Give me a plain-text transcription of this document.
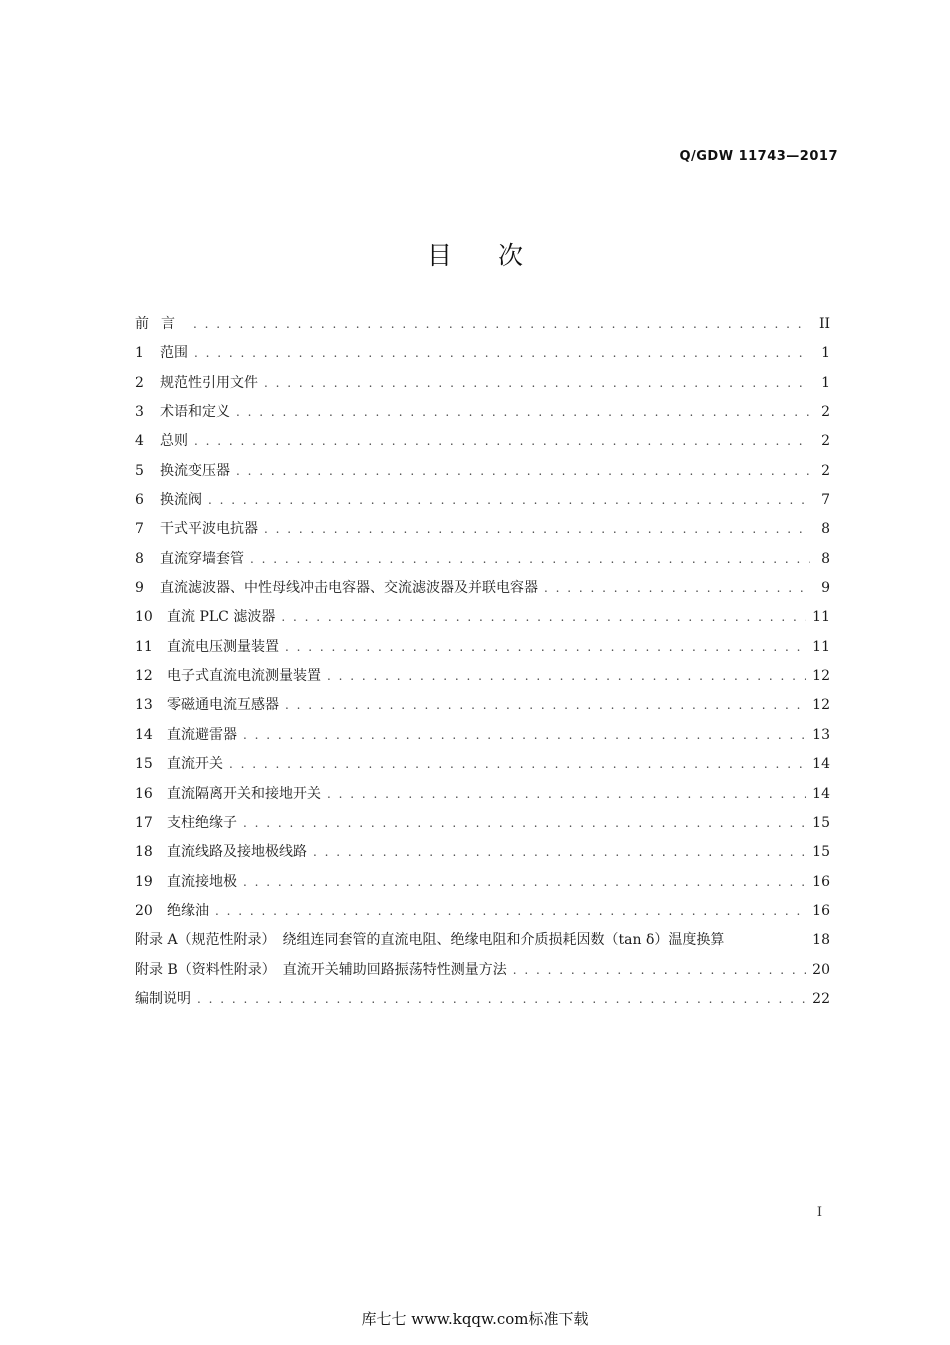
Q/GDW 11743—2017
目次
前言 . . .	II
1	范围 . . .	1
2	规范性引用文件 . . .	1
3	术语和定义 . . .	2
4	总则 . . .	2
5	换流变压器 . . .	2
6	换流阀 . . .	7
7	干式平波电抗器 . . .	8
8	直流穿墙套管 . . .	8
9	直流滤波器、中性母线冲击电容器、交流滤波器及并联电容器 . . .	9
10	直流 PLC 滤波器 . . .	11
11	直流电压测量装置 . . .	11
12	电子式直流电流测量装置 . . .	12
13	零磁通电流互感器 . . .	12
14	直流避雷器 . . .	13
15	直流开关 . . .	14
16	直流隔离开关和接地开关 . . .	14
17	支柱绝缘子 . . .	15
18	直流线路及接地极线路 . . .	15
19	直流接地极 . . .	16
20	绝缘油 . . .	16
附录 A（规范性附录）　绕组连同套管的直流电阻、绝缘电阻和介质损耗因数（tan δ）温度换算	18
附录 B（资料性附录）　直流开关辅助回路振荡特性测量方法 . . .	20
编制说明 . . .	22
I
库七七 www.kqqw.com标准下载
